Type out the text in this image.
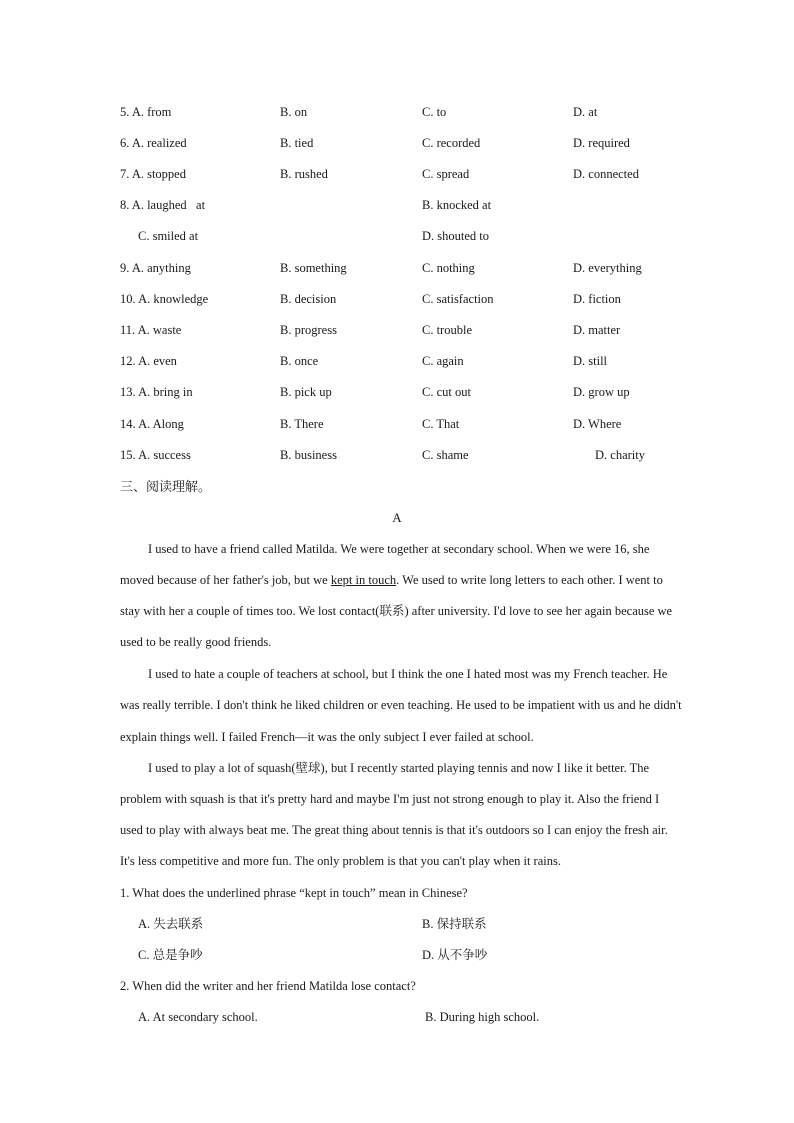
5. A. from	B. on	C. to	D. at
6. A. realized	B. tied	C. recorded	D. required
7. A. stopped	B. rushed	C. spread	D. connected
8. A. laughed   at	B. knocked at
C. smiled at	D. shouted to
9. A. anything	B. something	C. nothing	D. everything
10. A. knowledge	B. decision	C. satisfaction	D. fiction
11. A. waste	B. progress	C. trouble	D. matter
12. A. even	B. once	C. again	D. still
13. A. bring in	B. pick up	C. cut out	D. grow up
14. A. Along	B. There	C. That	D. Where
15. A. success	B. business	C. shame	D. charity
三、阅读理解。
A
I used to have a friend called Matilda. We were together at secondary school. When we were 16, she
moved because of her father's job, but we kept in touch. We used to write long letters to each other. I went to
stay with her a couple of times too. We lost contact(联系) after university. I'd love to see her again because we
used to be really good friends.
I used to hate a couple of teachers at school, but I think the one I hated most was my French teacher. He
was really terrible. I don't think he liked children or even teaching. He used to be impatient with us and he didn't
explain things well. I failed French—it was the only subject I ever failed at school.
I used to play a lot of squash(壁球), but I recently started playing tennis and now I like it better. The
problem with squash is that it's pretty hard and maybe I'm just not strong enough to play it. Also the friend I
used to play with always beat me. The great thing about tennis is that it's outdoors so I can enjoy the fresh air.
It's less competitive and more fun. The only problem is that you can't play when it rains.
1. What does the underlined phrase “kept in touch” mean in Chinese?
A. 失去联系	B. 保持联系
C. 总是争吵	D. 从不争吵
2. When did the writer and her friend Matilda lose contact?
A. At secondary school.	B. During high school.
